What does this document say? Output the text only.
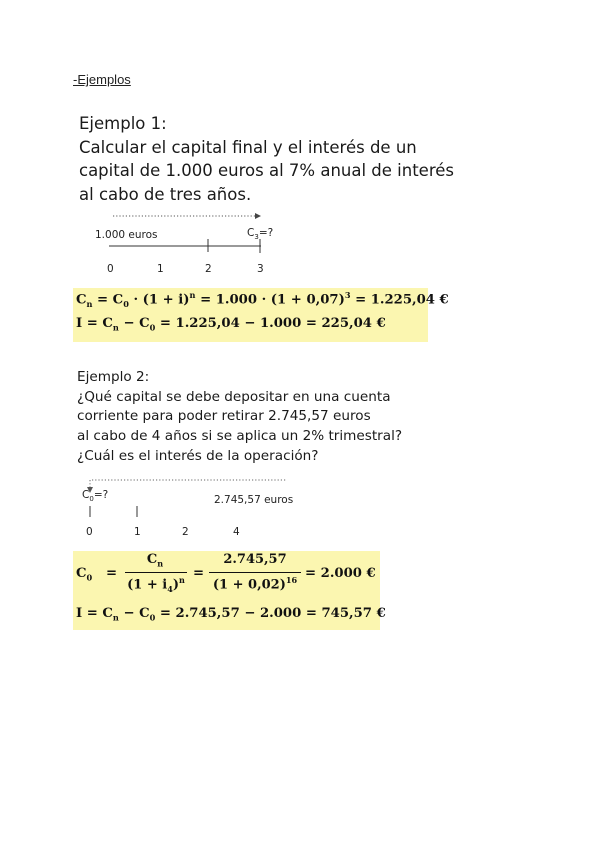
-Ejemplos
Ejemplo 1:
Calcular el capital final y el interés de un
capital de 1.000 euros al 7% anual de interés
al cabo de tres años.
1.000 euros	$C_3=$?
0	1	2	3
$C_n = C_0 \cdot (1 + i)^n = 1.000 \cdot (1 + 0,07)^3 = 1.225,04$ €
$I = C_n - C_0 = 1.225,04 - 1.000 = 225,04$ €
Ejemplo 2:
¿Qué capital se debe depositar en una cuenta
corriente para poder retirar 2.745,57 euros
al cabo de 4 años si se aplica un 2% trimestral?
¿Cuál es el interés de la operación?
$C_0=$?	2.745,57 euros
0	1	2	4
$C_0$ =
$C_n$
$(1 + i_4)^n$ =
2.745,57
$(1 + 0,02)^{16} = 2.000$ €
$I = C_n - C_0 = 2.745,57 - 2.000 = 745,57$ €
